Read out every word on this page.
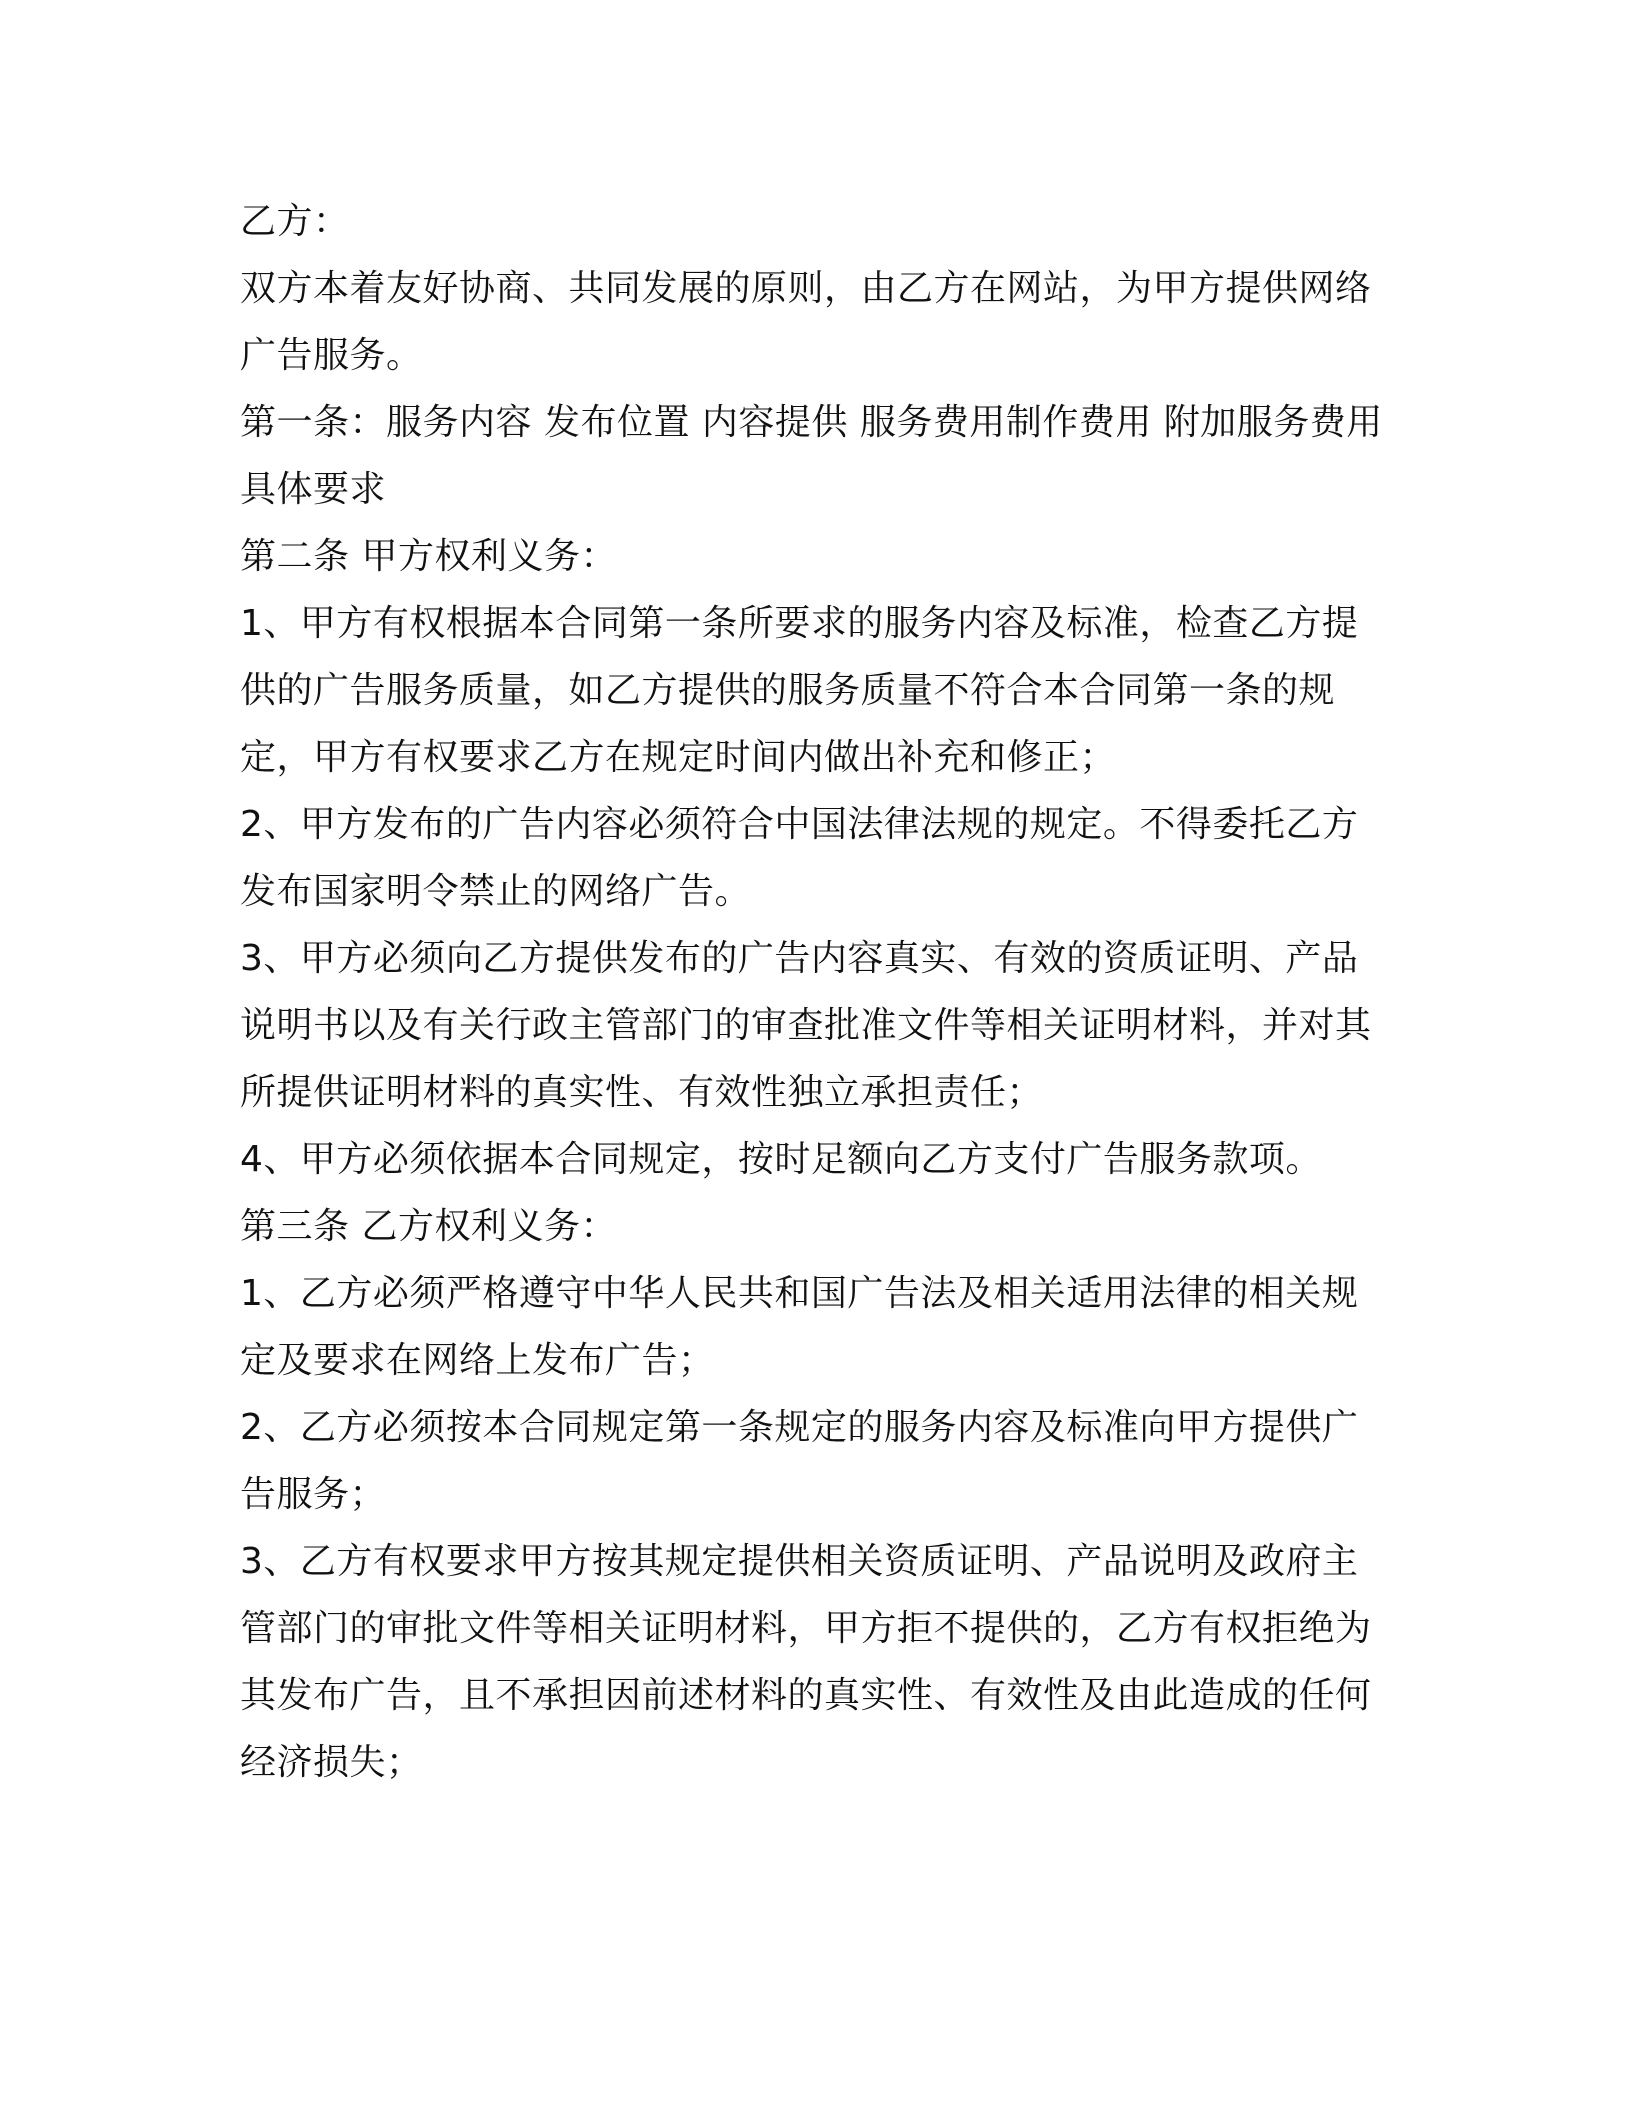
乙方：

双方本着友好协商、共同发展的原则，由乙方在网站，为甲方提供网络广告服务。

第一条：服务内容 发布位置 内容提供 服务费用制作费用 附加服务费用 具体要求

第二条 甲方权利义务：

1、甲方有权根据本合同第一条所要求的服务内容及标准，检查乙方提供的广告服务质量，如乙方提供的服务质量不符合本合同第一条的规定，甲方有权要求乙方在规定时间内做出补充和修正；

2、甲方发布的广告内容必须符合中国法律法规的规定。不得委托乙方发布国家明令禁止的网络广告。

3、甲方必须向乙方提供发布的广告内容真实、有效的资质证明、产品说明书以及有关行政主管部门的审查批准文件等相关证明材料，并对其所提供证明材料的真实性、有效性独立承担责任；

4、甲方必须依据本合同规定，按时足额向乙方支付广告服务款项。

第三条 乙方权利义务：

1、乙方必须严格遵守中华人民共和国广告法及相关适用法律的相关规定及要求在网络上发布广告；

2、乙方必须按本合同规定第一条规定的服务内容及标准向甲方提供广告服务；

3、乙方有权要求甲方按其规定提供相关资质证明、产品说明及政府主管部门的审批文件等相关证明材料，甲方拒不提供的，乙方有权拒绝为其发布广告，且不承担因前述材料的真实性、有效性及由此造成的任何经济损失；
